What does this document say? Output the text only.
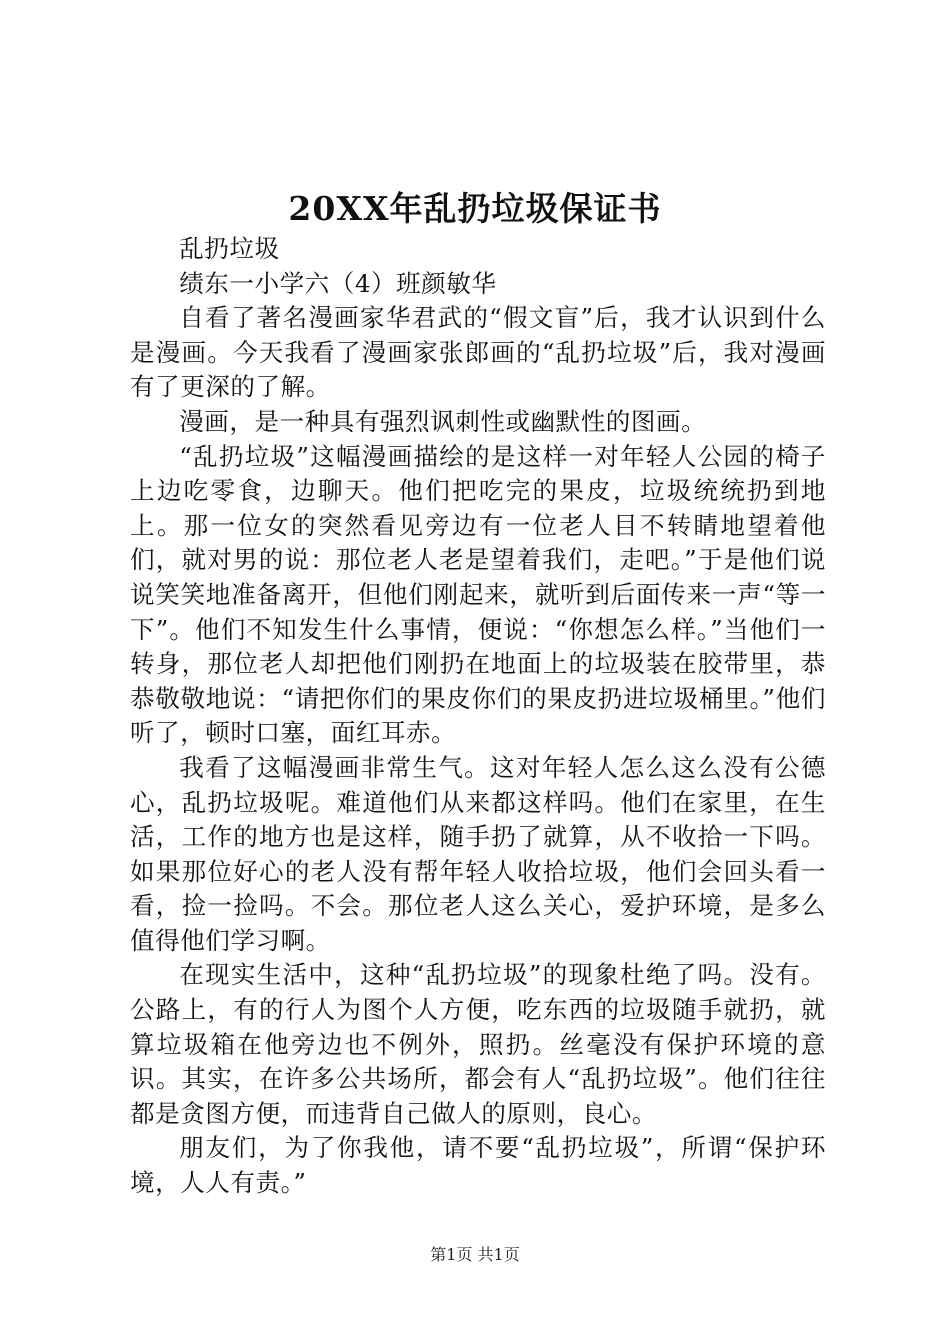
20XX年乱扔垃圾保证书

乱扔垃圾

绩东一小学六（4）班颜敏华

自看了著名漫画家华君武的“假文盲”后，我才认识到什么是漫画。今天我看了漫画家张郎画的“乱扔垃圾”后，我对漫画有了更深的了解。

漫画，是一种具有强烈讽刺性或幽默性的图画。

“乱扔垃圾”这幅漫画描绘的是这样一对年轻人公园的椅子上边吃零食，边聊天。他们把吃完的果皮，垃圾统统扔到地上。那一位女的突然看见旁边有一位老人目不转睛地望着他们，就对男的说：那位老人老是望着我们，走吧。”于是他们说说笑笑地准备离开，但他们刚起来，就听到后面传来一声“等一下”。他们不知发生什么事情，便说：“你想怎么样。”当他们一转身，那位老人却把他们刚扔在地面上的垃圾装在胶带里，恭恭敬敬地说：“请把你们的果皮你们的果皮扔进垃圾桶里。”他们听了，顿时口塞，面红耳赤。

我看了这幅漫画非常生气。这对年轻人怎么这么没有公德心，乱扔垃圾呢。难道他们从来都这样吗。他们在家里，在生活，工作的地方也是这样，随手扔了就算，从不收拾一下吗。如果那位好心的老人没有帮年轻人收拾垃圾，他们会回头看一看，捡一捡吗。不会。那位老人这么关心，爱护环境，是多么值得他们学习啊。

在现实生活中，这种“乱扔垃圾”的现象杜绝了吗。没有。公路上，有的行人为图个人方便，吃东西的垃圾随手就扔，就算垃圾箱在他旁边也不例外，照扔。丝毫没有保护环境的意识。其实，在许多公共场所，都会有人“乱扔垃圾”。他们往往都是贪图方便，而违背自己做人的原则，良心。

朋友们，为了你我他，请不要“乱扔垃圾”，所谓“保护环境，人人有责。”

第1页 共1页
